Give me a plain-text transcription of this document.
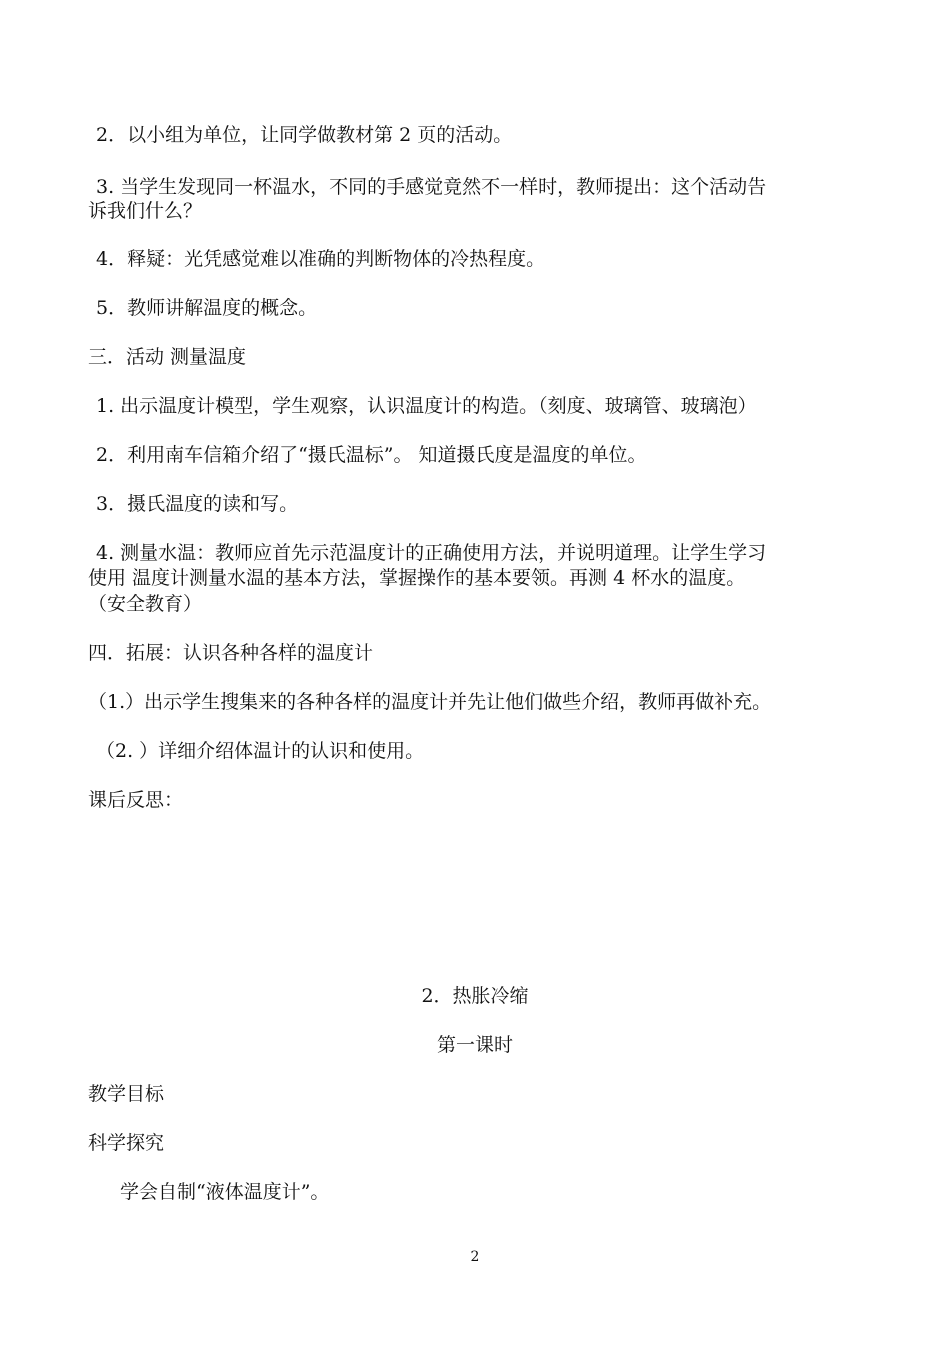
2．以小组为单位，让同学做教材第 2 页的活动。
3. 当学生发现同一杯温水，不同的手感觉竟然不一样时，教师提出：这个活动告
诉我们什么？
4．释疑：光凭感觉难以准确的判断物体的冷热程度。
5．教师讲解温度的概念。
三．活动 测量温度
1. 出示温度计模型，学生观察，认识温度计的构造。（刻度、玻璃管、玻璃泡）
2．利用南车信箱介绍了“摄氏温标”。 知道摄氏度是温度的单位。
3．摄氏温度的读和写。
4. 测量水温：教师应首先示范温度计的正确使用方法，并说明道理。让学生学习
使用 温度计测量水温的基本方法，掌握操作的基本要领。再测 4 杯水的温度。
（安全教育）
四．拓展：认识各种各样的温度计
（1.）出示学生搜集来的各种各样的温度计并先让他们做些介绍，教师再做补充。
（2. ）详细介绍体温计的认识和使用。
课后反思：
2．热胀冷缩
第一课时
教学目标
科学探究
学会自制“液体温度计”。
2
